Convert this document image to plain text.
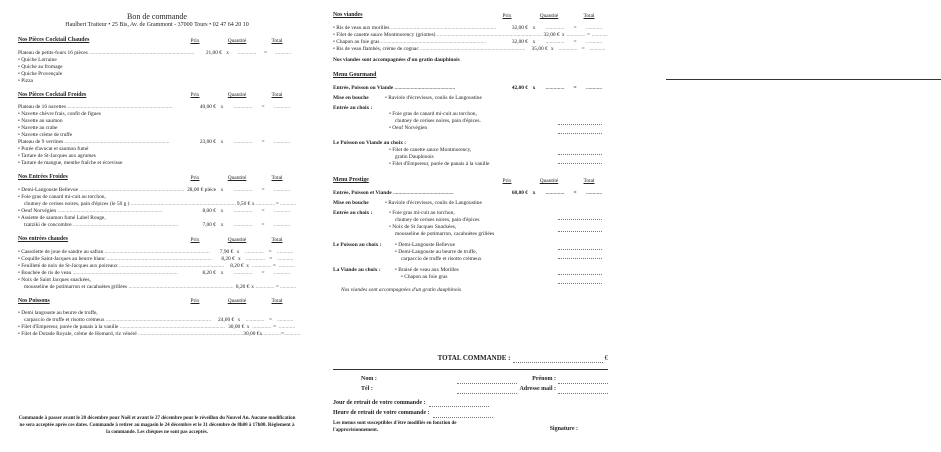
Bon de commande
Haulbert Traiteur • 25 Bis, Av. de Grammont - 37000 Tours • 02 47 64 20 10
Nos Pièces Cocktail Chaudes	Prix	Quantité	Total
Plateau de petits-fours 16 pièces ..............................................................................	21,00 € x	..............	=	............
• Quiche Lorraine
• Quiche au fromage
• Quiche Provençale
• Pizza
Nos Pièces Cocktail Froides	Prix	Quantité	Total
Plateau de 16 navettes ..............................................................................	40,00 € x	..............	=	............
• Navette chèvre frais, confit de figues
• Navette au saumon
• Navette au crabe
• Navette crème de truffe
Plateau de 9 verrines ..............................................................................	23,00 € x	..............	=	............
• Purée d'avocat et saumon fumé
• Tartare de St-Jacques aux agrumes
• Tartare de mangue, menthe fraîche et écrevisse
Nos Entrées Froides	Prix	Quantité	Total
• Demi-Langouste Bellevue .............................................................................. 28,00 € pièce x	..............	=	............
• Foie gras de canard mi-cuit au torchon,
chutney de cerises noires, pain d'épices (le 50 g ) .............................................................................. 9,50 € x .............. = ............
• Oeuf Norvégien ..............................................................................	8,00 € x	..............	=	............
• Assiette de saumon fumé Label Rouge,
tzatziki de concombre ..............................................................................	7,00 € x	..............	=	............
Nos entrées chaudes	Prix	Quantité	Total
• Cassolette de joue de sandre au safran ..............................................................................	7,90 € x	.............. = ............
• Coquille Saint-Jacques au beurre blanc ..............................................................................	8,20 € x .............. = ............
• Feuilleté de noix de St-Jacques aux poireaux ..............................................................................	8,20 € x .............. = ............
• Bouchée de ris de veau ..............................................................................	8,20 € x	..............	=	............
• Noix de Saint Jacques snackées,
mousseline de potimarron et cacahuètes grillées .............................................................................. 8,20 € x .............. = ............
Nos Poissons	Prix	Quantité	Total
• Demi langouste au beurre de truffe,
carpaccio de truffe et risotto crémeux ..............................................................................	24,00 € x	.............. = ............
• Filet d'Empereur, purée de panais à la vanille .............................................................................. 30,00 € x .............. = ............
• Filet de Dorade Royale, crème de Homard, riz vénéré .............................................................................. 30,00 € x .............. = ............
Commande à passer avant le 20 décembre pour Noël et avant le 27 décembre pour le réveillon du Nouvel An. Aucune modification ne sera acceptée après ces dates. Commande à retirer au magasin le 24 décembre et le 31 décembre de 8h00 à 17h00. Règlement à la commande. Les chèques ne sont pas acceptés.
Nos viandes	Prix	Quantité	Total
• Ris de veau aux morilles ..............................................................................	32,00 € x	..............	=	............
• Filet de canette sauce Montmorency (griottes) .............................................................................. 32,00 € x .............. = ............
• Chapon au foie gras ..............................................................................	32,00 € x	..............	=	............
• Ris de veau flambés, crème de cognac ..............................................................................	35,00 € x .............. = ............
Nos viandes sont accompagnées d'un gratin dauphinois
Menu Gourmand
Entrée, Poisson ou Viande .............................................	42,00 € x	..............	=	............
Mise en bouche	• Raviole d'écrevisses, coulis de Langoustine
Entrée au choix :
• Foie gras de canard mi-cuit au torchon,
chutney de cerises noires, pain d'épices.
• Oeuf Norvégien

Le Poisson ou Viande au choix :
• Filet de canette sauce Montmorency,
gratin Dauphinois
• Filet d'Empereur, purée de panais à la vanille

Menu Prestige	Prix	Quantité	Total
Entrée, Poisson et Viande .............................................	68,00 € x	..............	=	............
Mise en bouche	• Raviole d'écrevisses, coulis de Langoustine
Entrée au choix :	• Foie gras mi-cuit au torchon,
chutney de cerises noires, pain d'épices
• Noix de St Jacques Snackées,
mousseline de potimarron, cacahuètes grillées

Le Poisson au choix :	• Demi-Langouste Bellevue
• Demi-Langouste au beurre de truffe,
carpaccio de truffe et risotto crémeux

La Viande au choix :	• Braisé de veau aux Morilles
• Chapon au foie gras

Nos viandes sont accompagnées d'un gratin dauphinois
TOTAL COMMANDE :	€
Nom :	Prénom :
Tél :	Adresse mail :
Jour de retrait de votre commande :
Heure de retrait de votre commande :
Les menus sont susceptibles d'être modifiés en fonction de l'approvisionnement.	Signature :
